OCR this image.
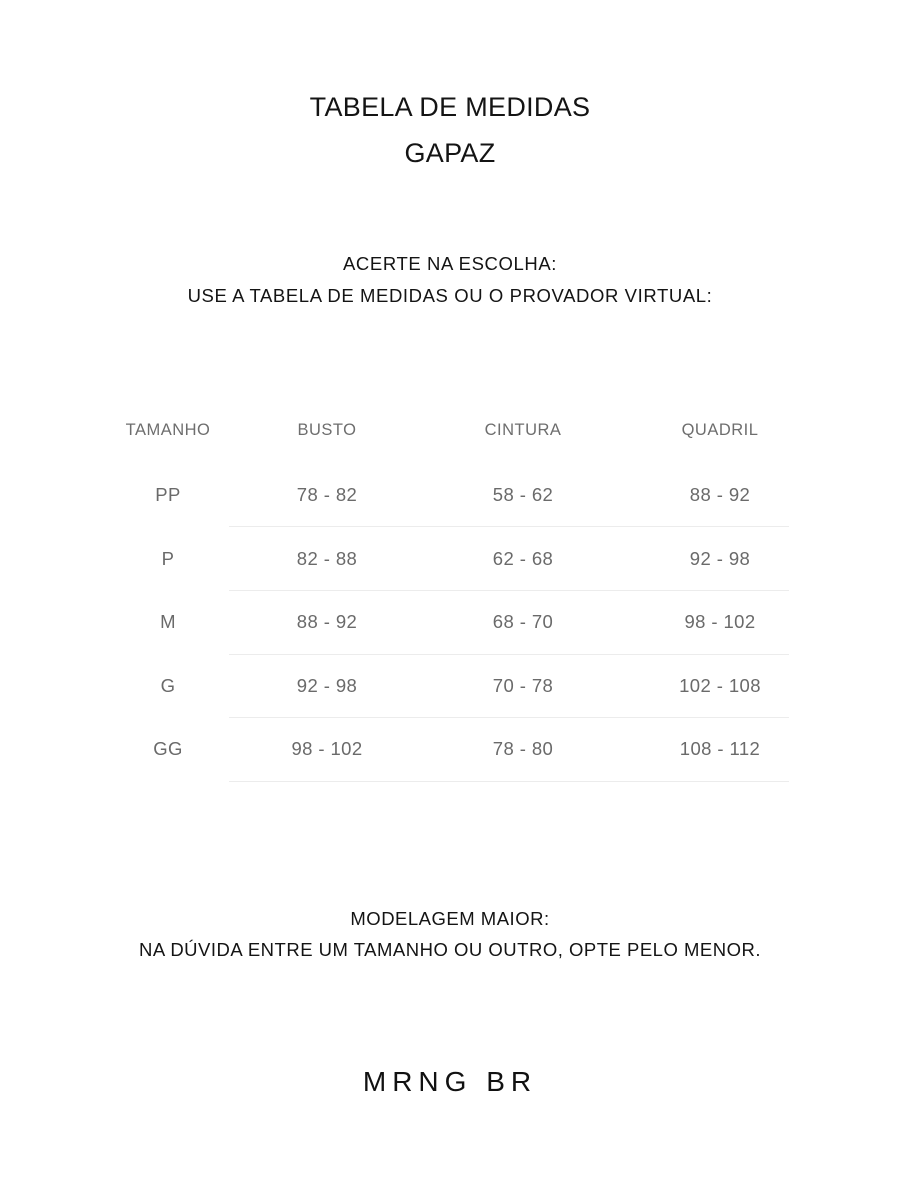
TABELA DE MEDIDAS
GAPAZ
ACERTE NA ESCOLHA:
USE A TABELA DE MEDIDAS OU O PROVADOR VIRTUAL:
TAMANHO	BUSTO	CINTURA	QUADRIL
PP	78 - 82	58 - 62	88 - 92
P	82 - 88	62 - 68	92 - 98
M	88 - 92	68 - 70	98 - 102
G	92 - 98	70 - 78	102 - 108
GG	98 - 102	78 - 80	108 - 112
MODELAGEM MAIOR:
NA DÚVIDA ENTRE UM TAMANHO OU OUTRO, OPTE PELO MENOR.
MRNG BR
